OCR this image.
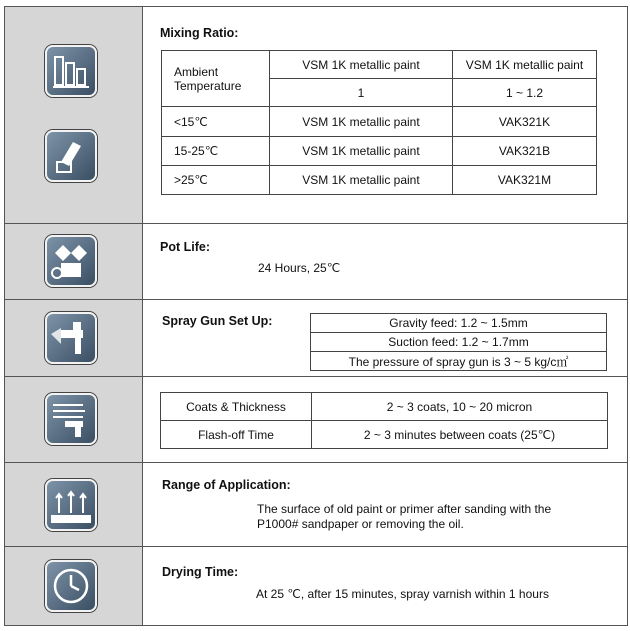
Mixing Ratio:
Ambient
Temperature	VSM 1K metallic paint	VSM 1K metallic paint
	1	1 ~ 1.2
<15℃	VSM 1K metallic paint	VAK321K
15-25℃	VSM 1K metallic paint	VAK321B
>25℃	VSM 1K metallic paint	VAK321M
Pot Life:
24 Hours, 25℃
Spray Gun Set Up:	Gravity feed: 1.2 ~ 1.5mm
Suction feed: 1.2 ~ 1.7mm
The pressure of spray gun is 3 ~ 5 kg/c㎡
Coats & Thickness	2 ~ 3 coats, 10 ~ 20 micron
Flash-off Time	2 ~ 3 minutes between coats (25℃)
Range of Application:
The surface of old paint or primer after sanding with the
P1000# sandpaper or removing the oil.
Drying Time:
At 25 ℃, after 15 minutes, spray varnish within 1 hours
